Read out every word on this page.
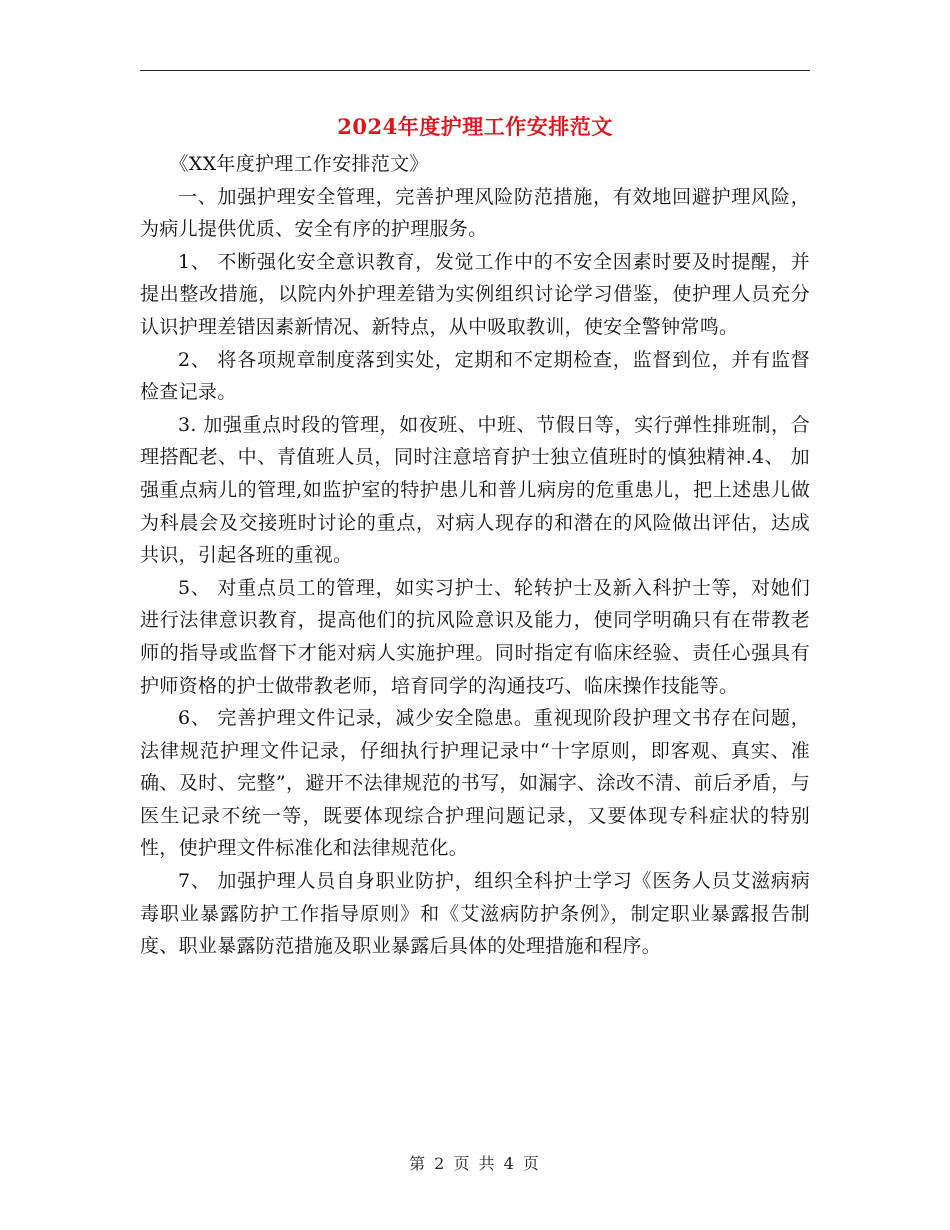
2024年度护理工作安排范文

《XX年度护理工作安排范文》

一、加强护理安全管理，完善护理风险防范措施，有效地回避护理风险，为病儿提供优质、安全有序的护理服务。

1、 不断强化安全意识教育，发觉工作中的不安全因素时要及时提醒，并提出整改措施，以院内外护理差错为实例组织讨论学习借鉴，使护理人员充分认识护理差错因素新情况、新特点，从中吸取教训，使安全警钟常鸣。

2、 将各项规章制度落到实处，定期和不定期检查，监督到位，并有监督检查记录。

3. 加强重点时段的管理，如夜班、中班、节假日等，实行弹性排班制，合理搭配老、中、青值班人员，同时注意培育护士独立值班时的慎独精神.4、 加强重点病儿的管理,如监护室的特护患儿和普儿病房的危重患儿，把上述患儿做为科晨会及交接班时讨论的重点，对病人现存的和潜在的风险做出评估，达成共识，引起各班的重视。

5、 对重点员工的管理，如实习护士、轮转护士及新入科护士等，对她们进行法律意识教育，提高他们的抗风险意识及能力，使同学明确只有在带教老师的指导或监督下才能对病人实施护理。同时指定有临床经验、责任心强具有护师资格的护士做带教老师，培育同学的沟通技巧、临床操作技能等。

6、 完善护理文件记录，减少安全隐患。重视现阶段护理文书存在问题，法律规范护理文件记录，仔细执行护理记录中“十字原则，即客观、真实、准确、及时、完整”，避开不法律规范的书写，如漏字、涂改不清、前后矛盾，与医生记录不统一等，既要体现综合护理问题记录，又要体现专科症状的特别性，使护理文件标准化和法律规范化。

7、 加强护理人员自身职业防护，组织全科护士学习《医务人员艾滋病病毒职业暴露防护工作指导原则》和《艾滋病防护条例》，制定职业暴露报告制度、职业暴露防范措施及职业暴露后具体的处理措施和程序。

第 2 页 共 4 页
